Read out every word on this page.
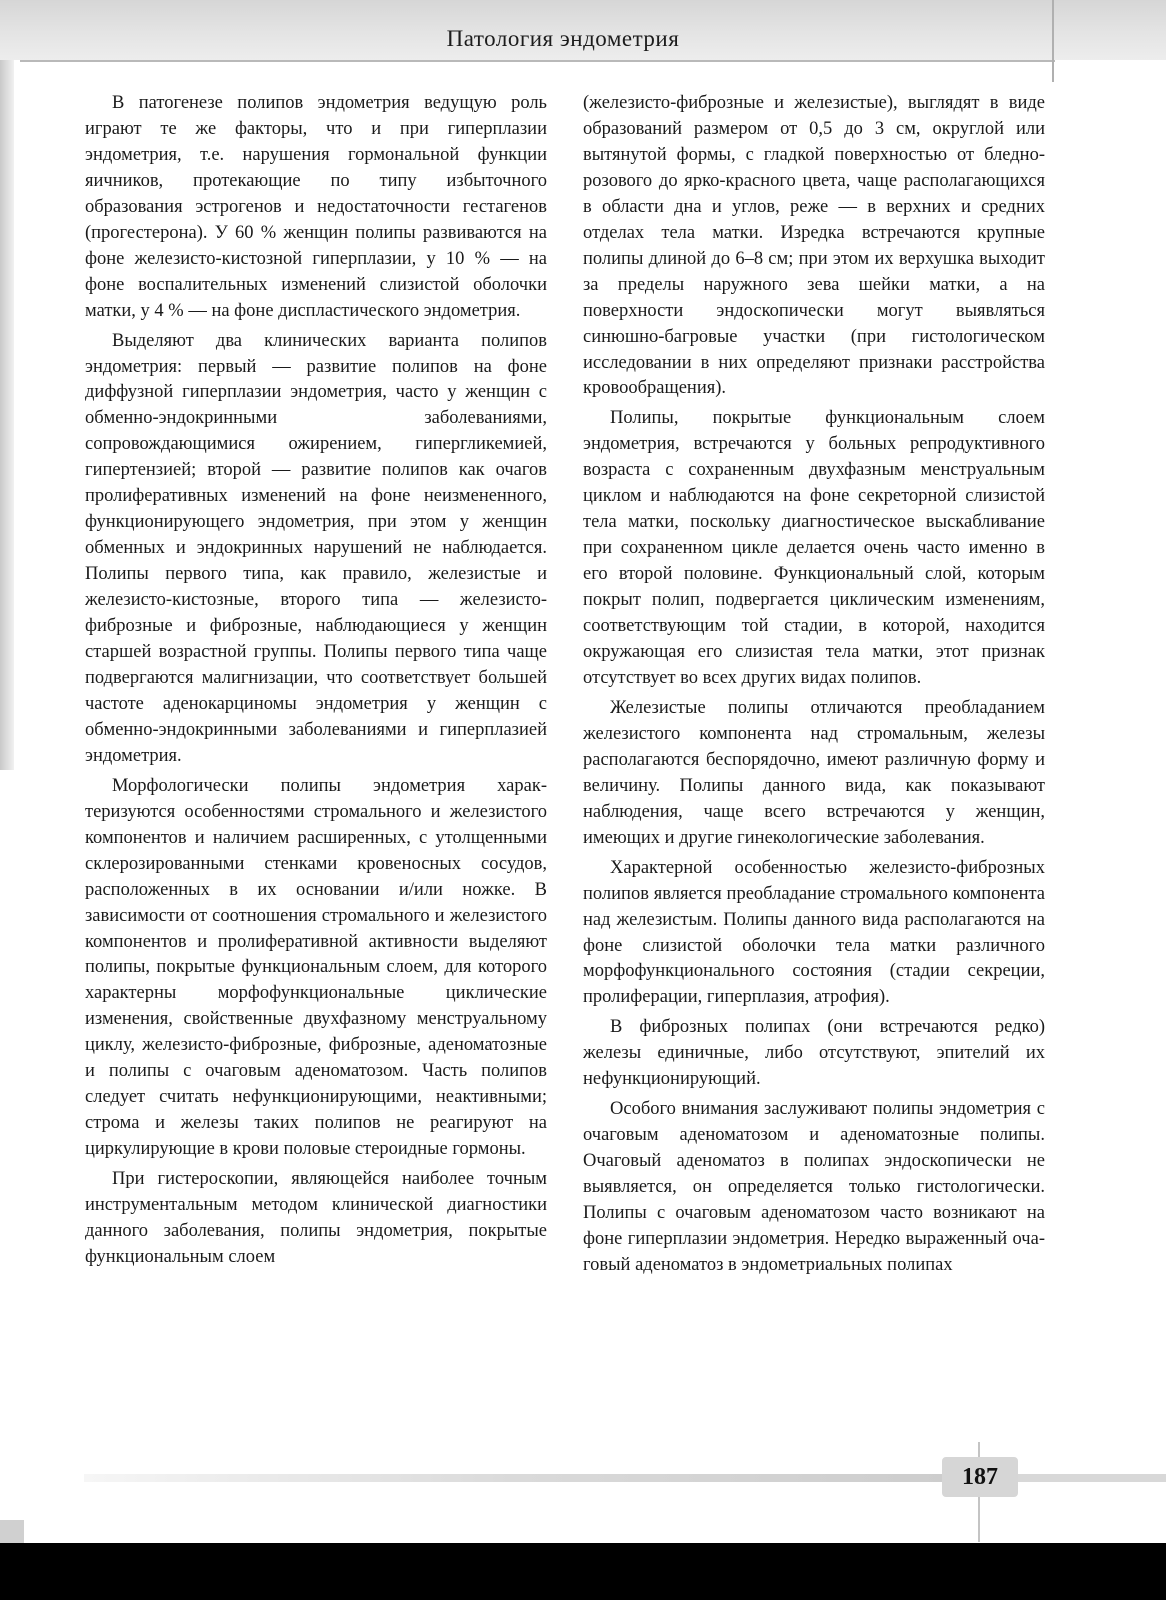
Патология эндометрия

В патогенезе полипов эндометрия ведущую роль играют те же факторы, что и при гиперплазии эндометрия, т.е. нарушения гормональной функции яичников, протекающие по типу избыточного образования эстрогенов и недостаточности гестагенов (прогестерона). У 60 % женщин полипы развиваются на фоне железисто-кистозной гиперплазии, у 10 % — на фоне воспалительных изменений слизистой оболочки матки, у 4 % — на фоне диспластического эндометрия.

Выделяют два клинических варианта полипов эндометрия: первый — развитие полипов на фоне диффузной гиперплазии эндометрия, часто у женщин с обменно-эндокринными заболеваниями, сопровождающимися ожирением, гипергликемией, гипертензией; второй — развитие полипов как очагов пролиферативных изменений на фоне неизмененного, функционирующего эндометрия, при этом у женщин обменных и эндокринных нарушений не наблюдается. Полипы первого типа, как правило, железистые и железисто-кистозные, второго типа — железисто-фиброзные и фиброзные, наблюдающиеся у женщин старшей возрастной группы. Полипы первого типа чаще подвергаются малигнизации, что соответствует большей частоте аденокарциномы эндометрия у женщин с обменно-эндокринными заболеваниями и гиперплазией эндометрия.

Морфологически полипы эндометрия характеризуются особенностями стромального и железистого компонентов и наличием расширенных, с утолщенными склерозированными стенками кровеносных сосудов, расположенных в их основании и/или ножке. В зависимости от соотношения стромального и железистого компонентов и пролиферативной активности выделяют полипы, покрытые функциональным слоем, для которого характерны морфофункциональные циклические изменения, свойственные двухфазному менструальному циклу, железисто-фиброзные, фиброзные, аденоматозные и полипы с очаговым аденоматозом. Часть полипов следует считать нефункционирующими, неактивными; строма и железы таких полипов не реагируют на циркулирующие в крови половые стероидные гормоны.

При гистероскопии, являющейся наиболее точным инструментальным методом клинической диагностики данного заболевания, полипы эндометрия, покрытые функциональным слоем

(железисто-фиброзные и железистые), выглядят в виде образований размером от 0,5 до 3 см, округлой или вытянутой формы, с гладкой поверхностью от бледно-розового до ярко-красного цвета, чаще располагающихся в области дна и углов, реже — в верхних и средних отделах тела матки. Изредка встречаются крупные полипы длиной до 6–8 см; при этом их верхушка выходит за пределы наружного зева шейки матки, а на поверхности эндоскопически могут выявляться синюшно-багровые участки (при гистологическом исследовании в них определяют признаки расстройства кровообращения).

Полипы, покрытые функциональным слоем эндометрия, встречаются у больных репродуктивного возраста с сохраненным двухфазным менструальным циклом и наблюдаются на фоне секреторной слизистой тела матки, поскольку диагностическое выскабливание при сохраненном цикле делается очень часто именно в его второй половине. Функциональный слой, которым покрыт полип, подвергается циклическим изменениям, соответствующим той стадии, в которой, находится окружающая его слизистая тела матки, этот признак отсутствует во всех других видах полипов.

Железистые полипы отличаются преобладанием железистого компонента над стромальным, железы располагаются беспорядочно, имеют различную форму и величину. Полипы данного вида, как показывают наблюдения, чаще всего встречаются у женщин, имеющих и другие гинекологические заболевания.

Характерной особенностью железисто-фиброзных полипов является преобладание стромального компонента над железистым. Полипы данного вида располагаются на фоне слизистой оболочки тела матки различного морфофункционального состояния (стадии секреции, пролиферации, гиперплазия, атрофия).

В фиброзных полипах (они встречаются редко) железы единичные, либо отсутствуют, эпителий их нефункционирующий.

Особого внимания заслуживают полипы эндометрия с очаговым аденоматозом и аденоматозные полипы. Очаговый аденоматоз в полипах эндоскопически не выявляется, он определяется только гистологически. Полипы с очаговым аденоматозом часто возникают на фоне гиперплазии эндометрия. Нередко выраженный очаговый аденоматоз в эндометриальных полипах

187
